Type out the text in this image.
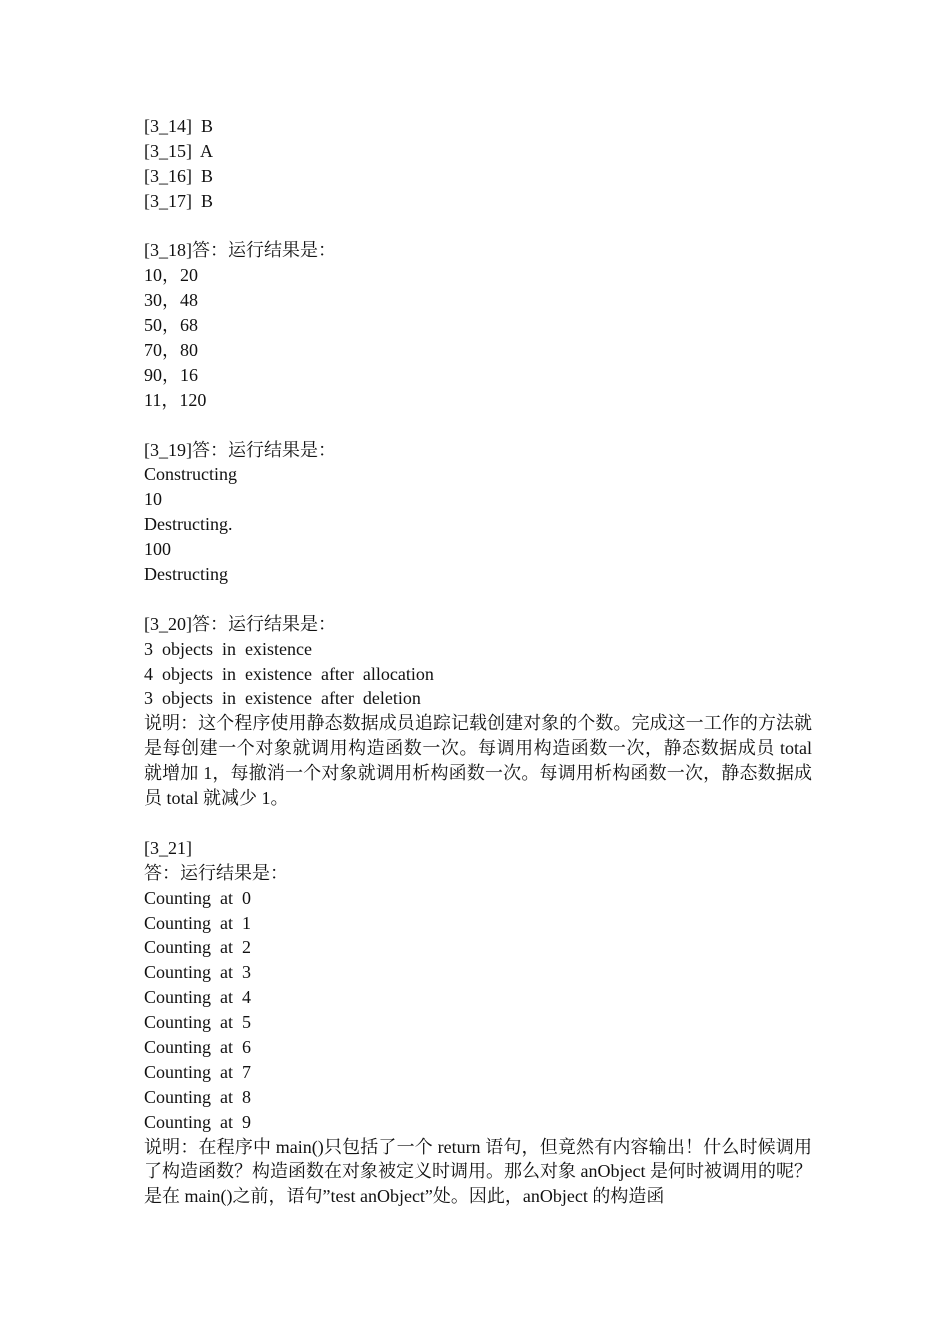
[3_14]  B
[3_15]  A
[3_16]  B
[3_17]  B
[3_18]答：运行结果是：
10，20
30，48
50，68
70，80
90，16
11，120
[3_19]答：运行结果是：
Constructing
10
Destructing.
100
Destructing
[3_20]答：运行结果是：
3  objects  in  existence
4  objects  in  existence  after  allocation
3  objects  in  existence  after  deletion
说明：这个程序使用静态数据成员追踪记载创建对象的个数。完成这一工作的方法就是每创建一个对象就调用构造函数一次。每调用构造函数一次，静态数据成员 total 就增加 1，每撤消一个对象就调用析构函数一次。每调用析构函数一次，静态数据成员 total 就减少 1。
[3_21]
答：运行结果是：
Counting  at  0
Counting  at  1
Counting  at  2
Counting  at  3
Counting  at  4
Counting  at  5
Counting  at  6
Counting  at  7
Counting  at  8
Counting  at  9
说明：在程序中 main()只包括了一个 return 语句，但竟然有内容输出！什么时候调用了构造函数？构造函数在对象被定义时调用。那么对象 anObject 是何时被调用的呢？是在 main()之前，语句”test anObject”处。因此，anObject 的构造函
